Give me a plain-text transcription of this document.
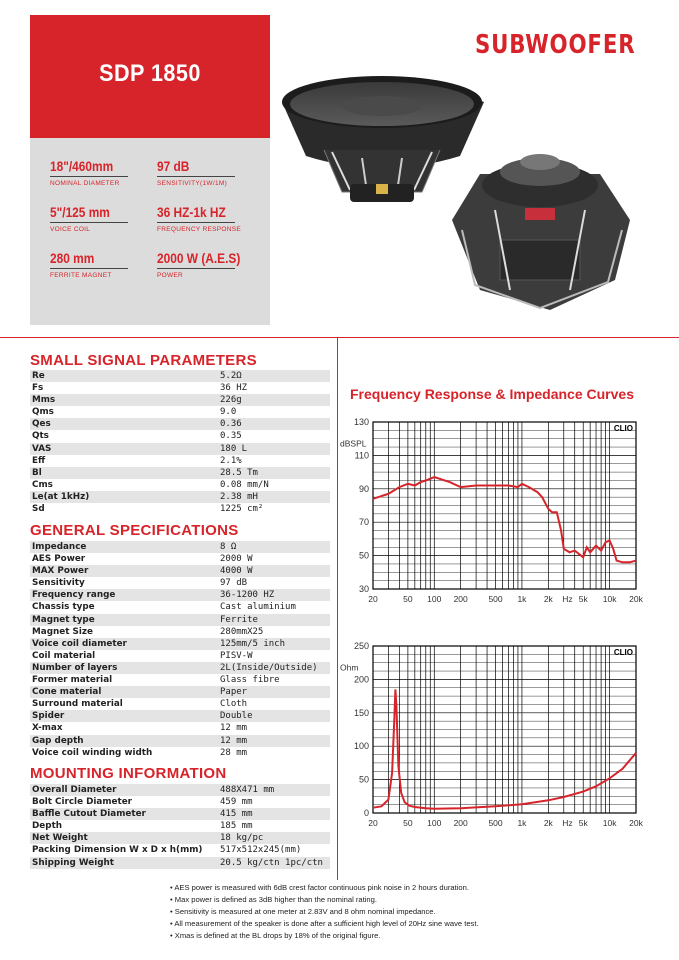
SDP 1850
SUBWOOFER
18"/460mm
NOMINAL DIAMETER
97 dB
SENSITIVITY(1W/1M)
5"/125 mm
VOICE COIL
36 HZ-1k HZ
FREQUENCY RESPONSE
280 mm
FERRITE MAGNET
2000 W (A.E.S)
POWER
SMALL SIGNAL PARAMETERS
Re	5.2Ω
Fs	36 HZ
Mms	226g
Qms	9.0
Qes	0.36
Qts	0.35
VAS	180 L
Eff	2.1%
Bl	28.5 Tm
Cms	0.08 mm/N
Le(at 1kHz)	2.38 mH
Sd	1225 cm²
GENERAL SPECIFICATIONS
Impedance	8 Ω
AES Power	2000 W
MAX Power	4000 W
Sensitivity	97 dB
Frequency range	36-1200 HZ
Chassis type	Cast aluminium
Magnet type	Ferrite
Magnet Size	280mmX25
Voice coil diameter	125mm/5 inch
Coil material	PISV-W
Number of layers	2L(Inside/Outside)
Former material	Glass fibre
Cone material	Paper
Surround material	Cloth
Spider	Double
X-max	12 mm
Gap depth	12 mm
Voice coil winding width	28 mm
MOUNTING INFORMATION
Overall Diameter	488X471 mm
Bolt Circle Diameter	459 mm
Baffle Cutout Diameter	415 mm
Depth	185 mm
Net Weight	18 kg/pc
Packing Dimension W x D x h(mm)	517x512x245(mm)
Shipping Weight	20.5 kg/ctn 1pc/ctn
Frequency Response & Impedance Curves
30
50
70
90
110
130
dBSPL
20	50 100 200 500 1k 2k Hz 5k 10k 20k
CLIO
0
50
100
150
200
250
Ohm
20	50 100 200 500 1k 2k Hz 5k 10k 20k
CLIO
• AES power is measured with 6dB crest factor continuous pink noise in 2 hours duration.
• Max power is defined as 3dB higher than the nominal rating.
• Sensitivity is measured at one meter at 2.83V and 8 ohm nominal impedance.
• All measurement of the speaker is done after a sufficient high level of 20Hz sine wave test.
• Xmas is defined at the BL drops by 18% of the original figure.
